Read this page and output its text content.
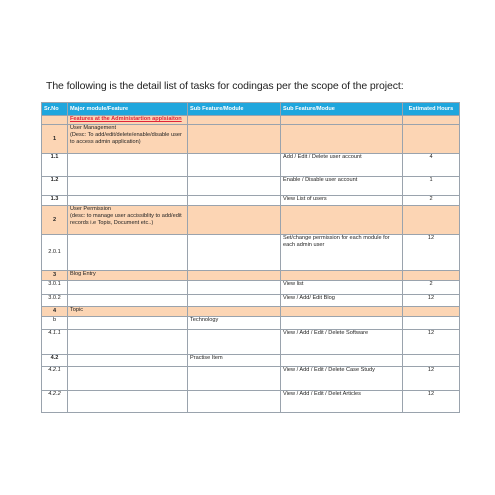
The following is the detail list of tasks for codingas per the scope of the project:
Sr.No	Major module/Feature	Sub Feature/Module	Sub Feature/Modue	Estimated Hours
	Features at the Administartion applsiaiton			
1	User Management
(Desc: To add/edit/delete/enable/disable user to access admin application)			

1.1			Add / Edit / Delete user account	4
1.2			Enable / Disable user account	1
1.3			View List of users	2
2	User Permission
(desc: to manage user accissiblity to add/edit records i.e Topis, Document etc..)			

2.0.1			Set/change permission for each module for each admin user	12
3	Blog Entry			
3.0.1			View list	2
3.0.2			View / Add/ Edit Blog	12
4	Topic			
b		Technology		
4.1.1			View / Add / Edit / Delete Software	12
4.2		Practise Item		
4.2.1			View / Add / Edit / Delete Case Study	12
4.2.2			View / Add / Edit / Delet Articles	12
